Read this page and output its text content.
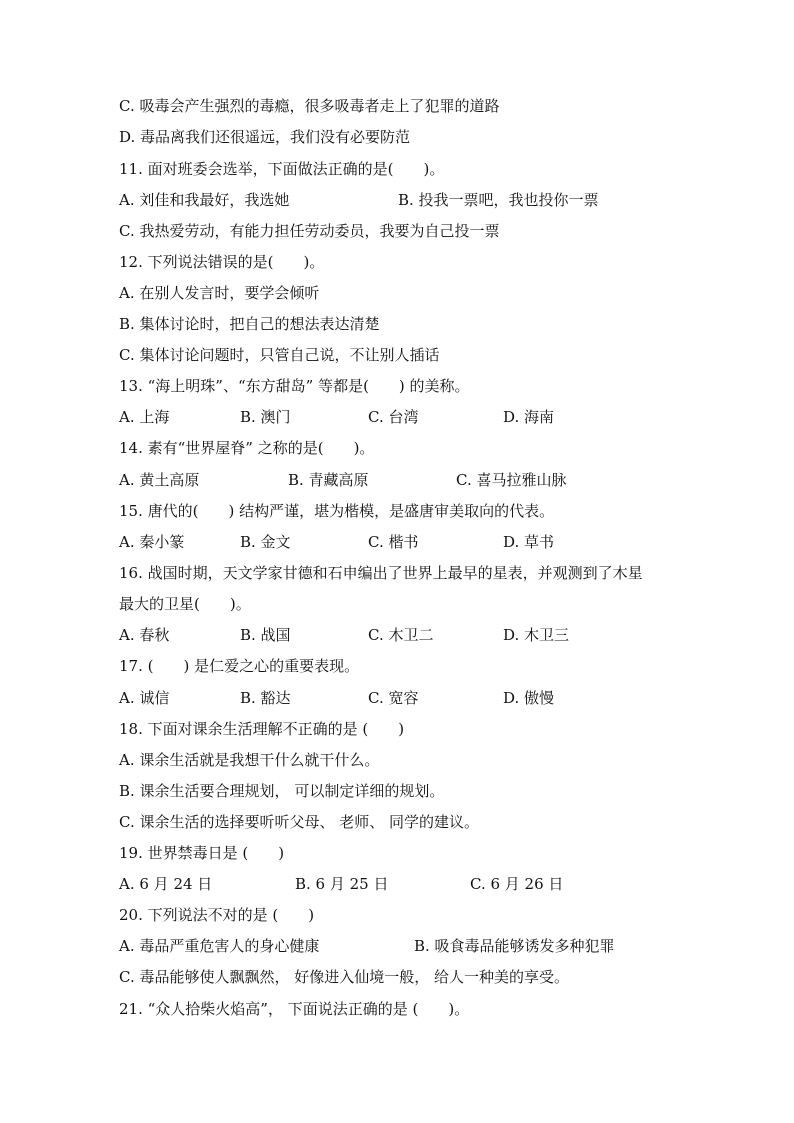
C. 吸毒会产生强烈的毒瘾，很多吸毒者走上了犯罪的道路
D. 毒品离我们还很遥远，我们没有必要防范
11. 面对班委会选举，下面做法正确的是(　　)。
A. 刘佳和我最好，我选她	B. 投我一票吧，我也投你一票
C. 我热爱劳动，有能力担任劳动委员，我要为自己投一票
12. 下列说法错误的是(　　)。
A. 在别人发言时，要学会倾听
B. 集体讨论时，把自己的想法表达清楚
C. 集体讨论问题时，只管自己说，不让别人插话
13. “海上明珠”、“东方甜岛” 等都是(　　) 的美称。
A. 上海	B. 澳门	C. 台湾	D. 海南
14. 素有“世界屋脊” 之称的是(　　)。
A. 黄土高原	B. 青藏高原	C. 喜马拉雅山脉
15. 唐代的(　　) 结构严谨，堪为楷模，是盛唐审美取向的代表。
A. 秦小篆	B. 金文	C. 楷书	D. 草书
16. 战国时期，天文学家甘德和石申编出了世界上最早的星表，并观测到了木星
最大的卫星(　　)。
A. 春秋	B. 战国	C. 木卫二	D. 木卫三
17. (　　) 是仁爱之心的重要表现。
A. 诚信	B. 豁达	C. 宽容	D. 傲慢
18. 下面对课余生活理解不正确的是 (　　)
A. 课余生活就是我想干什么就干什么。
B. 课余生活要合理规划， 可以制定详细的规划。
C. 课余生活的选择要听听父母、 老师、 同学的建议。
19. 世界禁毒日是 (　　)
A. 6 月 24 日	B. 6 月 25 日	C. 6 月 26 日
20. 下列说法不对的是 (　　)
A. 毒品严重危害人的身心健康	B. 吸食毒品能够诱发多种犯罪
C. 毒品能够使人飘飘然， 好像进入仙境一般， 给人一种美的享受。
21. “众人拾柴火焰高”， 下面说法正确的是 (　　)。
